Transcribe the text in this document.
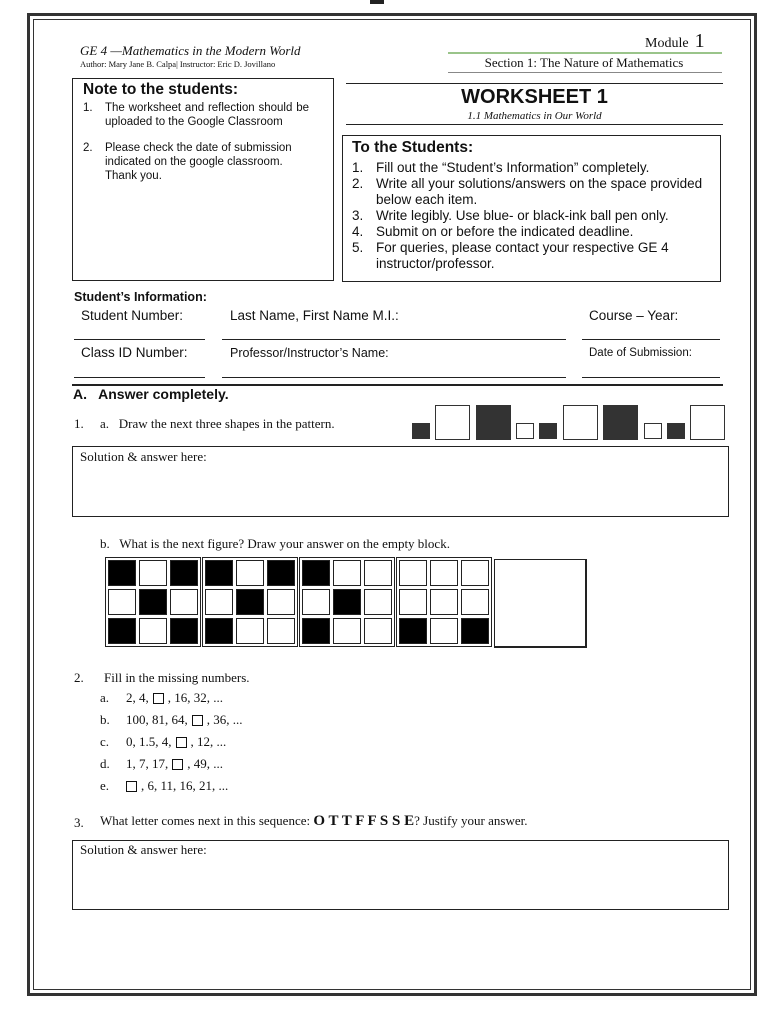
GE 4 —Mathematics in the Modern World
Author: Mary Jane B. Calpa| Instructor: Eric D. Jovillano
Module 1
Section 1: The Nature of Mathematics
Note to the students:
1.	The worksheet and reflection should be uploaded to the Google Classroom
2.	Please check the date of submission indicated on the google classroom. Thank you.
WORKSHEET 1
1.1 Mathematics in Our World
To the Students:
1. Fill out the “Student’s Information” completely.
2. Write all your solutions/answers on the space provided below each item.
3. Write legibly. Use blue- or black-ink ball pen only.
4. Submit on or before the indicated deadline.
5. For queries, please contact your respective GE 4 instructor/professor.
Student’s Information:
Student Number:	Last Name, First Name M.I.:	Course – Year:
Class ID Number:	Professor/Instructor’s Name:	Date of Submission:
A.   Answer completely.
1. a.   Draw the next three shapes in the pattern.
Solution & answer here:
b.   What is the next figure? Draw your answer on the empty block.
2. Fill in the missing numbers.
a.	2, 4, , 16, 32, ...
b.	100, 81, 64, , 36, ...
c.	0, 1.5, 4, , 12, ...
d.	1, 7, 17, , 49, ...
e.	, 6, 11, 16, 21, ...
3. What letter comes next in this sequence: O T T F F S S E? Justify your answer.
Solution & answer here:
